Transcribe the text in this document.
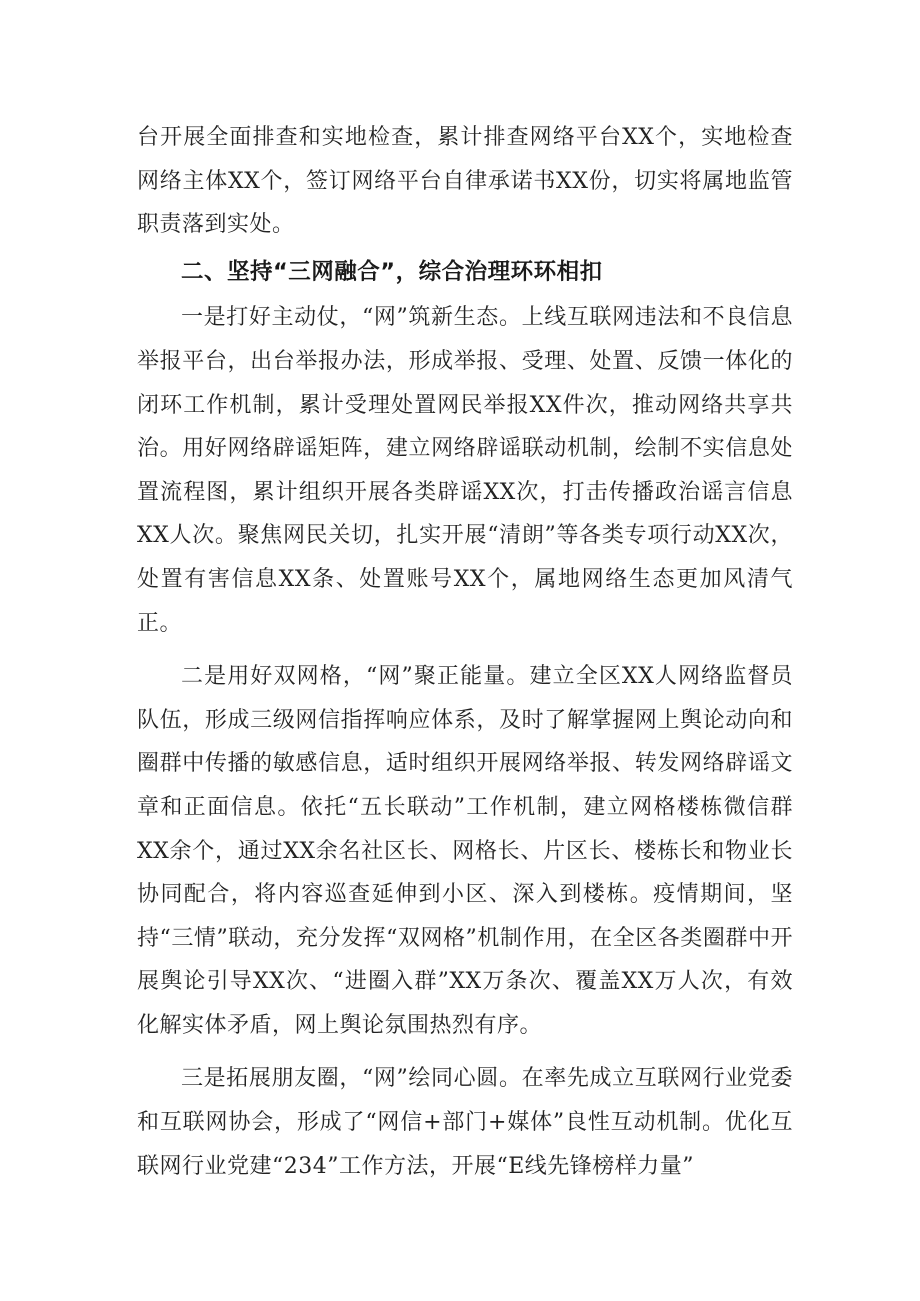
台开展全面排查和实地检查，累计排查网络平台XX个，实地检查网络主体XX个，签订网络平台自律承诺书XX份，切实将属地监管职责落到实处。

二、坚持“三网融合”，综合治理环环相扣

一是打好主动仗，“网”筑新生态。上线互联网违法和不良信息举报平台，出台举报办法，形成举报、受理、处置、反馈一体化的闭环工作机制，累计受理处置网民举报XX件次，推动网络共享共治。用好网络辟谣矩阵，建立网络辟谣联动机制，绘制不实信息处置流程图，累计组织开展各类辟谣XX次，打击传播政治谣言信息XX人次。聚焦网民关切，扎实开展“清朗”等各类专项行动XX次，处置有害信息XX条、处置账号XX个，属地网络生态更加风清气正。

二是用好双网格，“网”聚正能量。建立全区XX人网络监督员队伍，形成三级网信指挥响应体系，及时了解掌握网上舆论动向和圈群中传播的敏感信息，适时组织开展网络举报、转发网络辟谣文章和正面信息。依托“五长联动”工作机制，建立网格楼栋微信群XX余个，通过XX余名社区长、网格长、片区长、楼栋长和物业长协同配合，将内容巡查延伸到小区、深入到楼栋。疫情期间，坚持“三情”联动，充分发挥“双网格”机制作用，在全区各类圈群中开展舆论引导XX次、“进圈入群”XX万条次、覆盖XX万人次，有效化解实体矛盾，网上舆论氛围热烈有序。

三是拓展朋友圈，“网”绘同心圆。在率先成立互联网行业党委和互联网协会，形成了“网信+部门+媒体”良性互动机制。优化互联网行业党建“234”工作方法，开展“E线先锋榜样力量”
